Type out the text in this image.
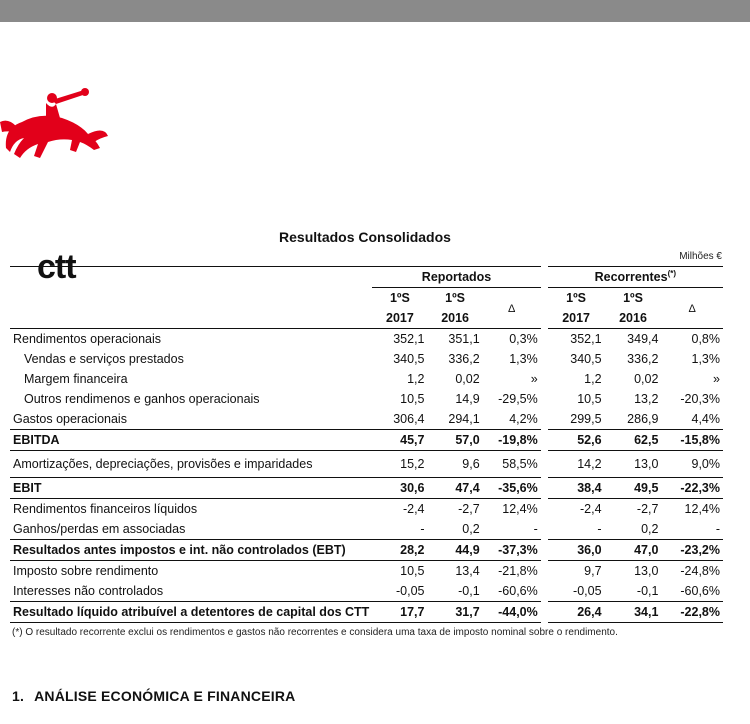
ctt
Resultados Consolidados
Milhões €
	Reportados				Recorrentes(*)
	1ºS	1ºS	Δ		1ºS	1ºS	Δ
	2017	2016			2017	2016	
Rendimentos operacionais	352,1	351,1	0,3%		352,1	349,4	0,8%
Vendas e serviços prestados	340,5	336,2	1,3%		340,5	336,2	1,3%
Margem financeira	1,2	0,02	»		1,2	0,02	»
Outros rendimenos e ganhos operacionais	10,5	14,9	-29,5%		10,5	13,2	-20,3%
Gastos operacionais	306,4	294,1	4,2%		299,5	286,9	4,4%
EBITDA	45,7	57,0	-19,8%		52,6	62,5	-15,8%
Amortizações, depreciações, provisões e imparidades	15,2	9,6	58,5%		14,2	13,0	9,0%
EBIT	30,6	47,4	-35,6%		38,4	49,5	-22,3%
Rendimentos financeiros líquidos	-2,4	-2,7	12,4%		-2,4	-2,7	12,4%
Ganhos/perdas em associadas	-	0,2	-		-	0,2	-
Resultados antes impostos e int. não controlados (EBT)	28,2	44,9	-37,3%		36,0	47,0	-23,2%
Imposto sobre rendimento	10,5	13,4	-21,8%		9,7	13,0	-24,8%
Interesses não controlados	-0,05	-0,1	-60,6%		-0,05	-0,1	-60,6%
Resultado líquido atribuível a detentores de capital dos CTT	17,7	31,7	-44,0%		26,4	34,1	-22,8%
(*) O resultado recorrente exclui os rendimentos e gastos não recorrentes e considera uma taxa de imposto nominal sobre o rendimento.
1. ANÁLISE ECONÓMICA E FINANCEIRA
